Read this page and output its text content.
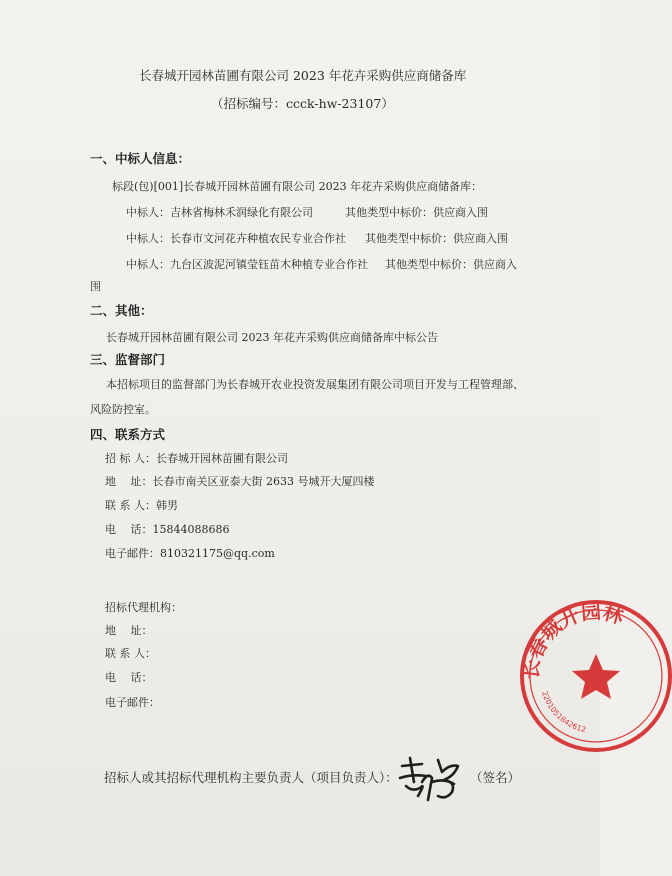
长春城开园林苗圃有限公司 2023 年花卉采购供应商储备库
（招标编号：ccck-hw-23107）
一、中标人信息：
标段(包)[001]长春城开园林苗圃有限公司 2023 年花卉采购供应商储备库：
中标人：吉林省梅林禾润绿化有限公司	其他类型中标价：供应商入围
中标人：长春市文河花卉种植农民专业合作社 其他类型中标价：供应商入围
中标人：九台区波泥河镇莹钰苗木种植专业合作社 其他类型中标价：供应商入
围
二、其他：
长春城开园林苗圃有限公司 2023 年花卉采购供应商储备库中标公告
三、监督部门
本招标项目的监督部门为长春城开农业投资发展集团有限公司项目开发与工程管理部、
风险防控室。
四、联系方式
招 标 人：长春城开园林苗圃有限公司
地　 址：长春市南关区亚泰大街 2633 号城开大厦四楼
联 系 人：韩男
电　 话：15844088686
电子邮件：810321175@qq.com
招标代理机构：
地　 址：
联 系 人：
电　 话：
电子邮件：
招标人或其招标代理机构主要负责人（项目负责人）：	（签名）
长春城开园林
2201051842612
